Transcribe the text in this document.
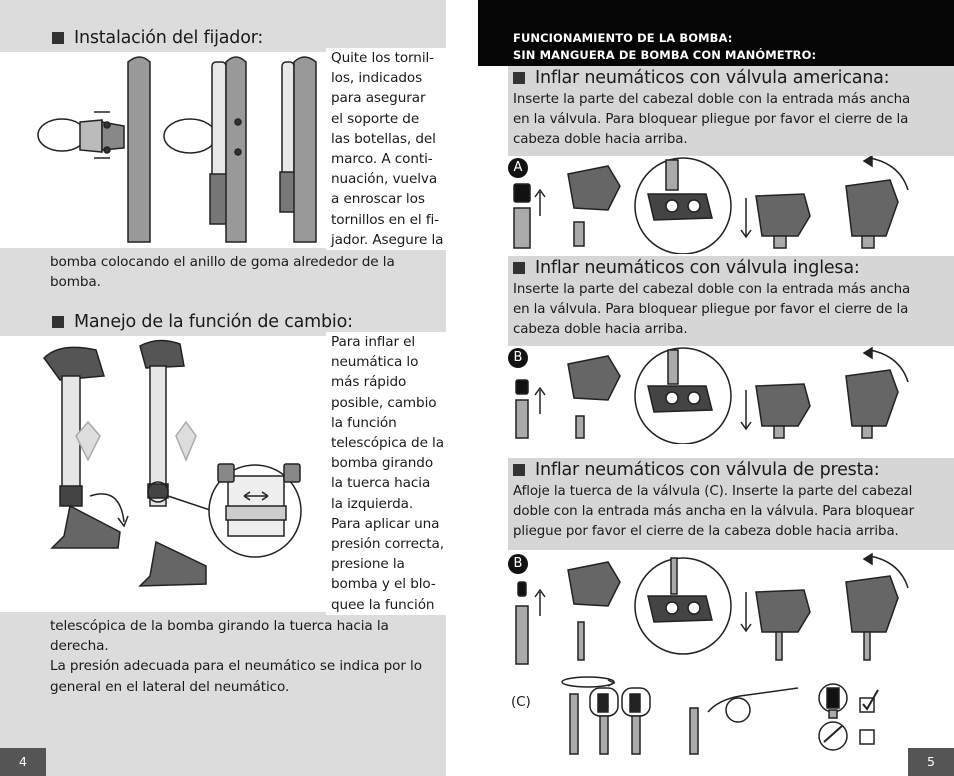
Instalación del fijador:
Quite los tornil-
los, indicados
para asegurar
el soporte de
las botellas, del
marco. A conti-
nuación, vuelva
a enroscar los
tornillos en el fi-
jador. Asegure la
bomba colocando el anillo de goma alrededor de la bomba.
Manejo de la función de cambio:
Para inflar el
neumática lo
más rápido
posible, cambio
la función
telescópica de la
bomba girando
la tuerca hacia
la izquierda.
Para aplicar una
presión correcta,
presione la
bomba y el blo-
quee la función
telescópica de la bomba girando la tuerca hacia la derecha.
La presión adecuada para el neumático se indica por lo
general en el lateral del neumático.
4
FUNCIONAMIENTO DE LA BOMBA:
SIN MANGUERA DE BOMBA CON MANÓMETRO:
Inflar neumáticos con válvula americana:
Inserte la parte del cabezal doble con la entrada más ancha
en la válvula. Para bloquear pliegue por favor el cierre de la
cabeza doble hacia arriba.
A
Inflar neumáticos con válvula inglesa:
Inserte la parte del cabezal doble con la entrada más ancha
en la válvula. Para bloquear pliegue por favor el cierre de la
cabeza doble hacia arriba.
B
Inflar neumáticos con válvula de presta:
Afloje la tuerca de la válvula (C). Inserte la parte del cabezal
doble con la entrada más ancha en la válvula. Para bloquear
pliegue por favor el cierre de la cabeza doble hacia arriba.
B
(C)
5
